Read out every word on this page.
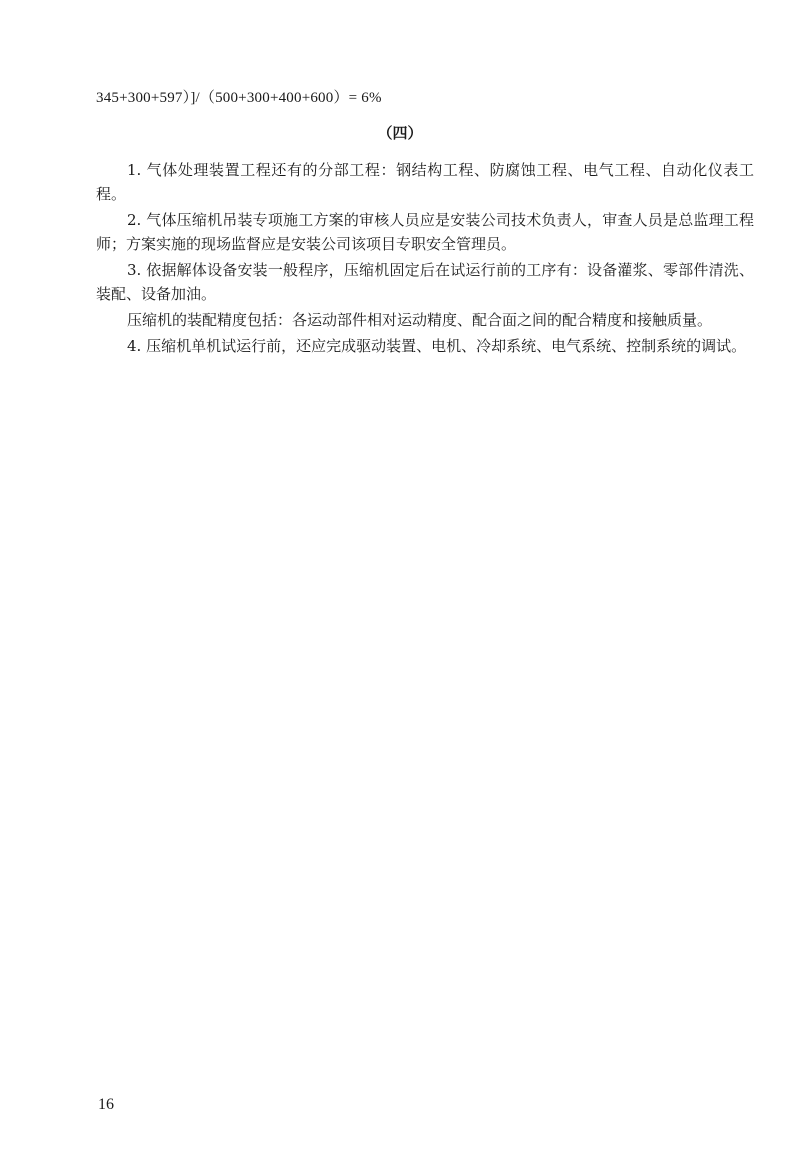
345+300+597）]/（500+300+400+600）= 6%
（四）

1. 气体处理装置工程还有的分部工程：钢结构工程、防腐蚀工程、电气工程、自动化仪表工程。

2. 气体压缩机吊装专项施工方案的审核人员应是安装公司技术负责人，审查人员是总监理工程师；方案实施的现场监督应是安装公司该项目专职安全管理员。

3. 依据解体设备安装一般程序，压缩机固定后在试运行前的工序有：设备灌浆、零部件清洗、装配、设备加油。

压缩机的装配精度包括：各运动部件相对运动精度、配合面之间的配合精度和接触质量。

4. 压缩机单机试运行前，还应完成驱动装置、电机、冷却系统、电气系统、控制系统的调试。

16
